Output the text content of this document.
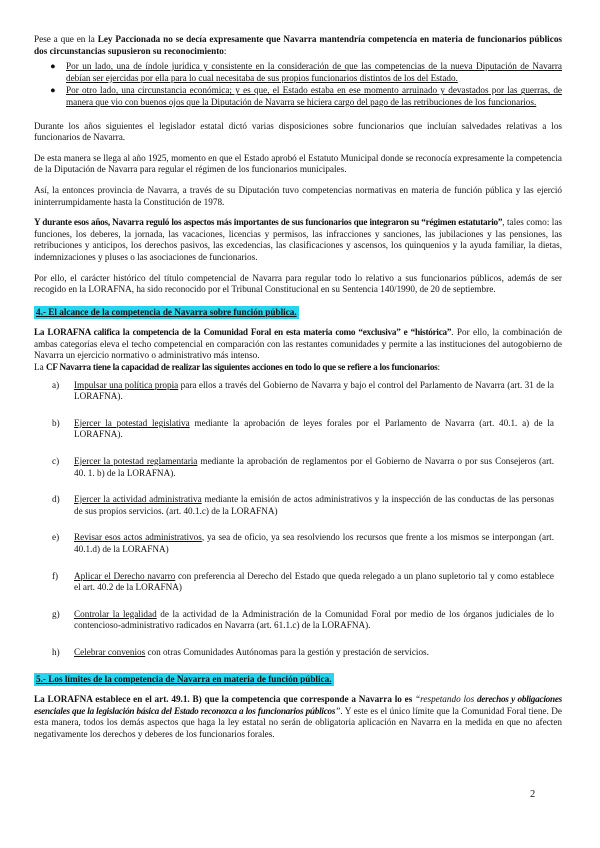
Pese a que en la Ley Paccionada no se decía expresamente que Navarra mantendría competencia en materia de funcionarios públicos dos circunstancias supusieron su reconocimiento:

● Por un lado, una de índole jurídica y consistente en la consideración de que las competencias de la nueva Diputación de Navarra debían ser ejercidas por ella para lo cual necesitaba de sus propios funcionarios distintos de los del Estado.
● Por otro lado, una circunstancia económica; y es que, el Estado estaba en ese momento arruinado y devastados por las guerras, de manera que vio con buenos ojos que la Diputación de Navarra se hiciera cargo del pago de las retribuciones de los funcionarios.

Durante los años siguientes el legislador estatal dictó varias disposiciones sobre funcionarios que incluían salvedades relativas a los funcionarios de Navarra.

De esta manera se llega al año 1925, momento en que el Estado aprobó el Estatuto Municipal donde se reconocía expresamente la competencia de la Diputación de Navarra para regular el régimen de los funcionarios municipales.

Así, la entonces provincia de Navarra, a través de su Diputación tuvo competencias normativas en materia de función pública y las ejerció ininterrumpidamente hasta la Constitución de 1978.

Y durante esos años, Navarra reguló los aspectos más importantes de sus funcionarios que integraron su “régimen estatutario”, tales como: las funciones, los deberes, la jornada, las vacaciones, licencias y permisos, las infracciones y sanciones, las jubilaciones y las pensiones, las retribuciones y anticipos, los derechos pasivos, las excedencias, las clasificaciones y ascensos, los quinquenios y la ayuda familiar, la dietas, indemnizaciones y pluses o las asociaciones de funcionarios.

Por ello, el carácter histórico del título competencial de Navarra para regular todo lo relativo a sus funcionarios públicos, además de ser recogido en la LORAFNA, ha sido reconocido por el Tribunal Constitucional en su Sentencia 140/1990, de 20 de septiembre.

4.- El alcance de la competencia de Navarra sobre función pública.

La LORAFNA califica la competencia de la Comunidad Foral en esta materia como “exclusiva” e “histórica”. Por ello, la combinación de ambas categorías eleva el techo competencial en comparación con las restantes comunidades y permite a las instituciones del autogobierno de Navarra un ejercicio normativo o administrativo más intenso.

La CF Navarra tiene la capacidad de realizar las siguientes acciones en todo lo que se refiere a los funcionarios:

a) Impulsar una política propia para ellos a través del Gobierno de Navarra y bajo el control del Parlamento de Navarra (art. 31 de la LORAFNA).
b) Ejercer la potestad legislativa mediante la aprobación de leyes forales por el Parlamento de Navarra (art. 40.1. a) de la LORAFNA).
c) Ejercer la potestad reglamentaria mediante la aprobación de reglamentos por el Gobierno de Navarra o por sus Consejeros (art. 40. 1. b) de la LORAFNA).
d) Ejercer la actividad administrativa mediante la emisión de actos administrativos y la inspección de las conductas de las personas de sus propios servicios. (art. 40.1.c) de la LORAFNA)
e) Revisar esos actos administrativos, ya sea de oficio, ya sea resolviendo los recursos que frente a los mismos se interpongan (art. 40.1.d) de la LORAFNA)
f) Aplicar el Derecho navarro con preferencia al Derecho del Estado que queda relegado a un plano supletorio tal y como establece el art. 40.2 de la LORAFNA)
g) Controlar la legalidad de la actividad de la Administración de la Comunidad Foral por medio de los órganos judiciales de lo contencioso-administrativo radicados en Navarra (art. 61.1.c) de la LORAFNA).
h) Celebrar convenios con otras Comunidades Autónomas para la gestión y prestación de servicios.
5.- Los límites de la competencia de Navarra en materia de función pública.

La LORAFNA establece en el art. 49.1. B) que la competencia que corresponde a Navarra lo es “respetando los derechos y obligaciones esenciales que la legislación básica del Estado reconozca a los funcionarios públicos”. Y este es el único límite que la Comunidad Foral tiene. De esta manera, todos los demás aspectos que haga la ley estatal no serán de obligatoria aplicación en Navarra en la medida en que no afecten negativamente los derechos y deberes de los funcionarios forales.

2
